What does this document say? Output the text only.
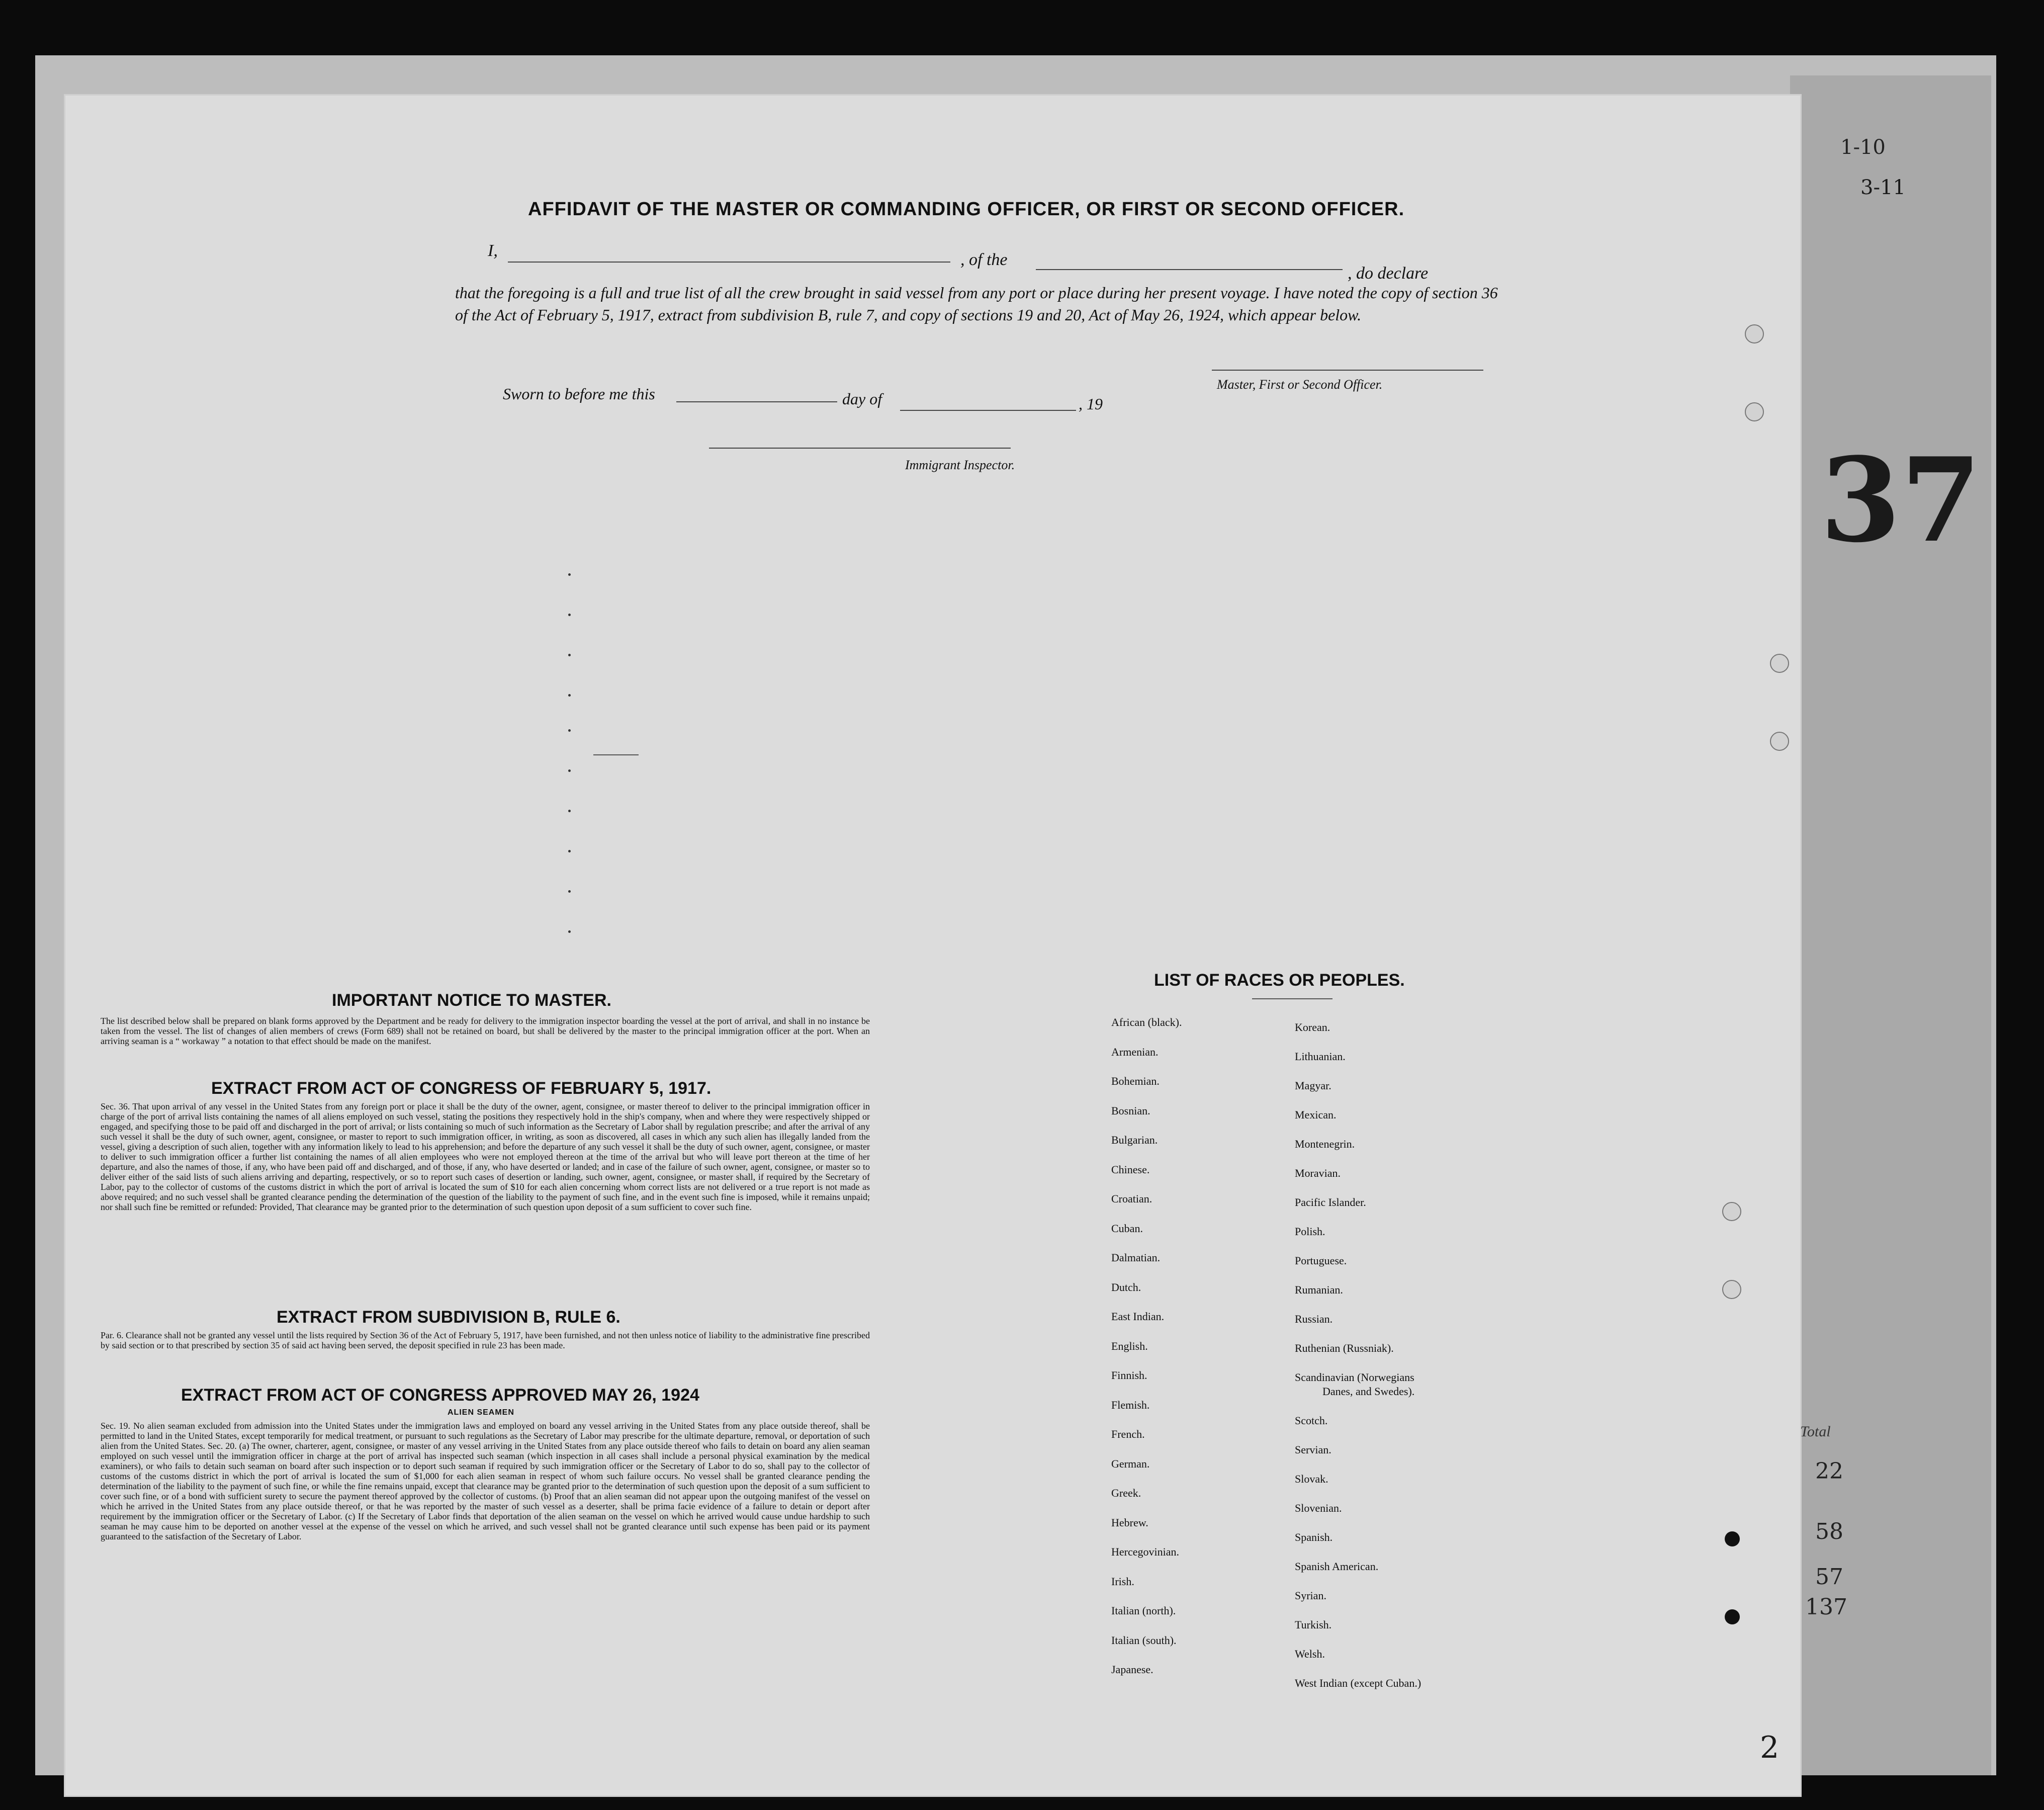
AFFIDAVIT OF THE MASTER OR COMMANDING OFFICER, OR FIRST OR SECOND OFFICER.
I,	, of the
, do declare
that the foregoing is a full and true list of all the crew brought in said vessel from any port or place during her present voyage. I have noted the copy of section 36 of the Act of February 5, 1917, extract from subdivision B, rule 7, and copy of sections 19 and 20, Act of May 26, 1924, which appear below.
Sworn to before me this	day of	, 19
Master, First or Second Officer.
Immigrant Inspector.
IMPORTANT NOTICE TO MASTER.
The list described below shall be prepared on blank forms approved by the Department and be ready for delivery to the immigration inspector boarding the vessel at the port of arrival, and shall in no instance be taken from the vessel. The list of changes of alien members of crews (Form 689) shall not be retained on board, but shall be delivered by the master to the principal immigration officer at the port. When an arriving seaman is a “ workaway ” a notation to that effect should be made on the manifest.
EXTRACT FROM ACT OF CONGRESS OF FEBRUARY 5, 1917.
Sec. 36. That upon arrival of any vessel in the United States from any foreign port or place it shall be the duty of the owner, agent, consignee, or master thereof to deliver to the principal immigration officer in charge of the port of arrival lists containing the names of all aliens employed on such vessel, stating the positions they respectively hold in the ship's company, when and where they were respectively shipped or engaged, and specifying those to be paid off and discharged in the port of arrival; or lists containing so much of such information as the Secretary of Labor shall by regulation prescribe; and after the arrival of any such vessel it shall be the duty of such owner, agent, consignee, or master to report to such immigration officer, in writing, as soon as discovered, all cases in which any such alien has illegally landed from the vessel, giving a description of such alien, together with any information likely to lead to his apprehension; and before the departure of any such vessel it shall be the duty of such owner, agent, consignee, or master to deliver to such immigration officer a further list containing the names of all alien employees who were not employed thereon at the time of the arrival but who will leave port thereon at the time of her departure, and also the names of those, if any, who have been paid off and discharged, and of those, if any, who have deserted or landed; and in case of the failure of such owner, agent, consignee, or master so to deliver either of the said lists of such aliens arriving and departing, respectively, or so to report such cases of desertion or landing, such owner, agent, consignee, or master shall, if required by the Secretary of Labor, pay to the collector of customs of the customs district in which the port of arrival is located the sum of $10 for each alien concerning whom correct lists are not delivered or a true report is not made as above required; and no such vessel shall be granted clearance pending the determination of the question of the liability to the payment of such fine, and in the event such fine is imposed, while it remains unpaid; nor shall such fine be remitted or refunded: Provided, That clearance may be granted prior to the determination of such question upon deposit of a sum sufficient to cover such fine.
EXTRACT FROM SUBDIVISION B, RULE 6.
Par. 6. Clearance shall not be granted any vessel until the lists required by Section 36 of the Act of February 5, 1917, have been furnished, and not then unless notice of liability to the administrative fine prescribed by said section or to that prescribed by section 35 of said act having been served, the deposit specified in rule 23 has been made.
EXTRACT FROM ACT OF CONGRESS APPROVED MAY 26, 1924
ALIEN SEAMEN
Sec. 19. No alien seaman excluded from admission into the United States under the immigration laws and employed on board any vessel arriving in the United States from any place outside thereof, shall be permitted to land in the United States, except temporarily for medical treatment, or pursuant to such regulations as the Secretary of Labor may prescribe for the ultimate departure, removal, or deportation of such alien from the United States. Sec. 20. (a) The owner, charterer, agent, consignee, or master of any vessel arriving in the United States from any place outside thereof who fails to detain on board any alien seaman employed on such vessel until the immigration officer in charge at the port of arrival has inspected such seaman (which inspection in all cases shall include a personal physical examination by the medical examiners), or who fails to detain such seaman on board after such inspection or to deport such seaman if required by such immigration officer or the Secretary of Labor to do so, shall pay to the collector of customs of the customs district in which the port of arrival is located the sum of $1,000 for each alien seaman in respect of whom such failure occurs. No vessel shall be granted clearance pending the determination of the liability to the payment of such fine, or while the fine remains unpaid, except that clearance may be granted prior to the determination of such question upon the deposit of a sum sufficient to cover such fine, or of a bond with sufficient surety to secure the payment thereof approved by the collector of customs. (b) Proof that an alien seaman did not appear upon the outgoing manifest of the vessel on which he arrived in the United States from any place outside thereof, or that he was reported by the master of such vessel as a deserter, shall be prima facie evidence of a failure to detain or deport after requirement by the immigration officer or the Secretary of Labor. (c) If the Secretary of Labor finds that deportation of the alien seaman on the vessel on which he arrived would cause undue hardship to such seaman he may cause him to be deported on another vessel at the expense of the vessel on which he arrived, and such vessel shall not be granted clearance until such expense has been paid or its payment guaranteed to the satisfaction of the Secretary of Labor.
LIST OF RACES OR PEOPLES.
African (black).
Armenian.
Bohemian.
Bosnian.
Bulgarian.
Chinese.
Croatian.
Cuban.
Dalmatian.
Dutch.
East Indian.
English.
Finnish.
Flemish.
French.
German.
Greek.
Hebrew.
Hercegovinian.
Irish.
Italian (north).
Italian (south).
Japanese.
Korean.
Lithuanian.
Magyar.
Mexican.
Montenegrin.
Moravian.
Pacific Islander.
Polish.
Portuguese.
Rumanian.
Russian.
Ruthenian (Russniak).
Scandinavian (Norwegians
Danes, and Swedes).
Scotch.
Servian.
Slovak.
Slovenian.
Spanish.
Spanish American.
Syrian.
Turkish.
Welsh.
West Indian (except Cuban.)
1-10
3-11
37
Total
22
58
57
137
2
